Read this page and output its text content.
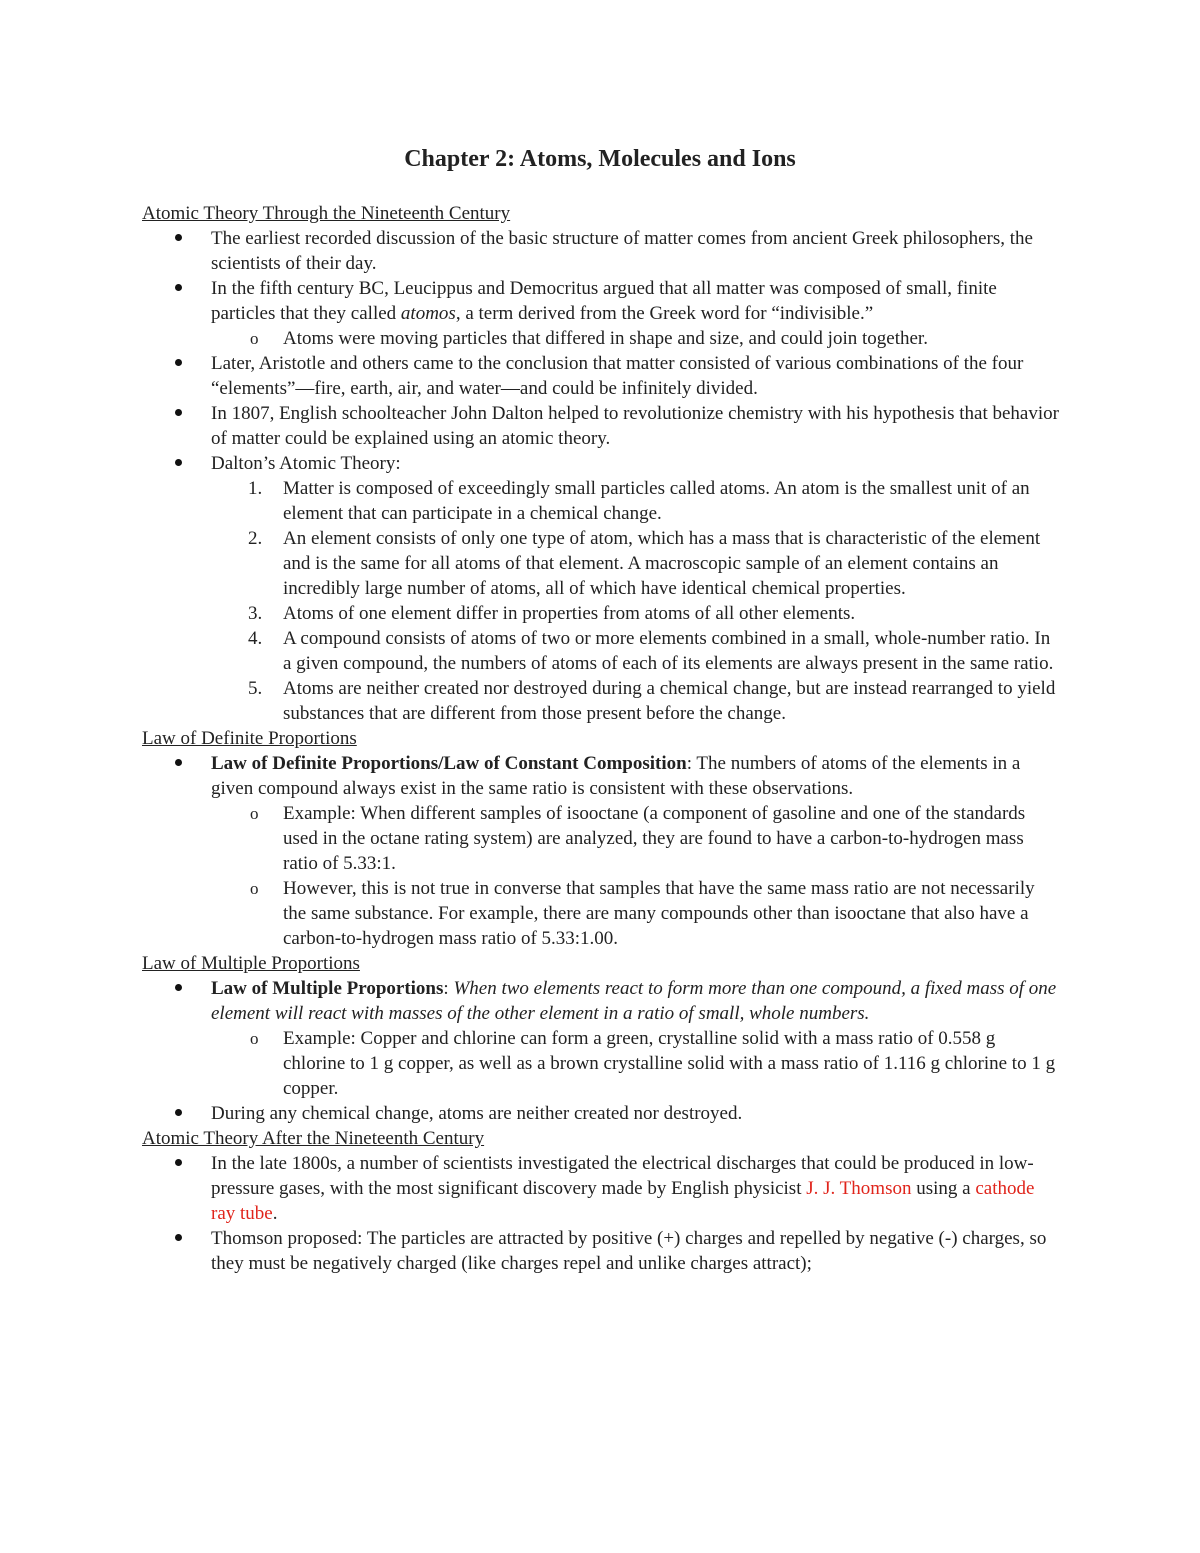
Chapter 2: Atoms, Molecules and Ions

Atomic Theory Through the Nineteenth Century

The earliest recorded discussion of the basic structure of matter comes from ancient Greek philosophers, the scientists of their day.
In the fifth century BC, Leucippus and Democritus argued that all matter was composed of small, finite particles that they called atomos, a term derived from the Greek word for “indivisible.”
o Atoms were moving particles that differed in shape and size, and could join together.
Later, Aristotle and others came to the conclusion that matter consisted of various combinations of the four “elements”—fire, earth, air, and water—and could be infinitely divided.
In 1807, English schoolteacher John Dalton helped to revolutionize chemistry with his hypothesis that behavior of matter could be explained using an atomic theory.
Dalton’s Atomic Theory:
1. Matter is composed of exceedingly small particles called atoms. An atom is the smallest unit of an element that can participate in a chemical change.
2. An element consists of only one type of atom, which has a mass that is characteristic of the element and is the same for all atoms of that element. A macroscopic sample of an element contains an incredibly large number of atoms, all of which have identical chemical properties.
3. Atoms of one element differ in properties from atoms of all other elements.
4. A compound consists of atoms of two or more elements combined in a small, whole-number ratio. In a given compound, the numbers of atoms of each of its elements are always present in the same ratio.
5. Atoms are neither created nor destroyed during a chemical change, but are instead rearranged to yield substances that are different from those present before the change.

Law of Definite Proportions

Law of Definite Proportions/Law of Constant Composition: The numbers of atoms of the elements in a given compound always exist in the same ratio is consistent with these observations.
o Example: When different samples of isooctane (a component of gasoline and one of the standards used in the octane rating system) are analyzed, they are found to have a carbon-to-hydrogen mass ratio of 5.33:1.
o However, this is not true in converse that samples that have the same mass ratio are not necessarily the same substance. For example, there are many compounds other than isooctane that also have a carbon-to-hydrogen mass ratio of 5.33:1.00.

Law of Multiple Proportions

Law of Multiple Proportions: When two elements react to form more than one compound, a fixed mass of one element will react with masses of the other element in a ratio of small, whole numbers.
o Example: Copper and chlorine can form a green, crystalline solid with a mass ratio of 0.558 g chlorine to 1 g copper, as well as a brown crystalline solid with a mass ratio of 1.116 g chlorine to 1 g copper.
During any chemical change, atoms are neither created nor destroyed.

Atomic Theory After the Nineteenth Century

In the late 1800s, a number of scientists investigated the electrical discharges that could be produced in low-pressure gases, with the most significant discovery made by English physicist J. J. Thomson using a cathode ray tube.
Thomson proposed: The particles are attracted by positive (+) charges and repelled by negative (-) charges, so they must be negatively charged (like charges repel and unlike charges attract);
